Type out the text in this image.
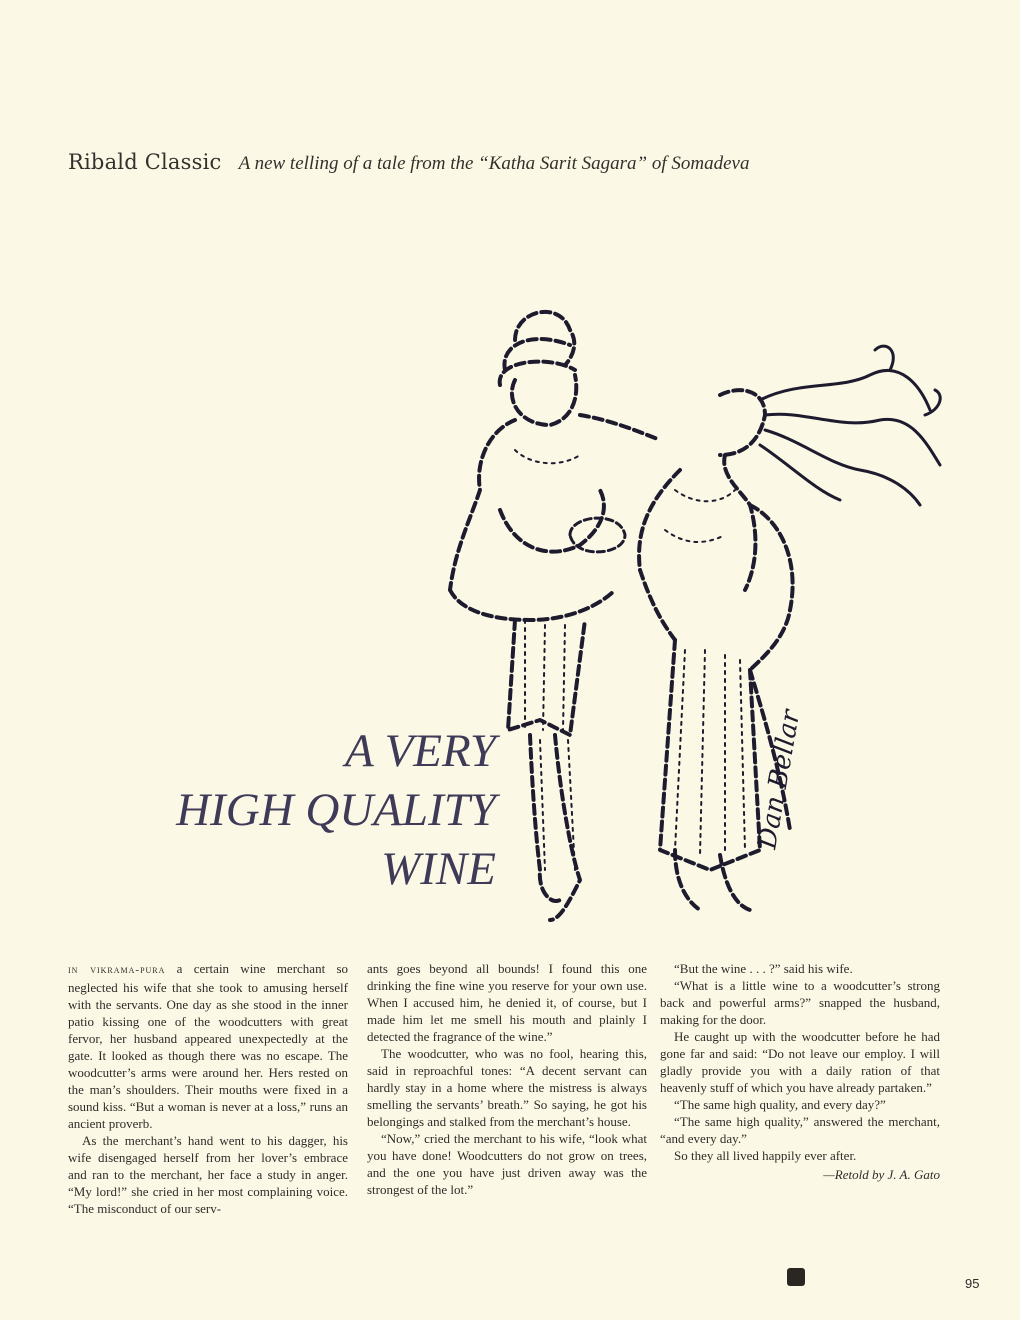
Ribald Classic A new telling of a tale from the “Katha Sarit Sagara” of Somadeva
Dan Bellar
A VERY
HIGH QUALITY
WINE

in vikrama-pura a certain wine merchant so neglected his wife that she took to amusing herself with the servants. One day as she stood in the inner patio kissing one of the woodcutters with great fervor, her husband appeared unexpectedly at the gate. It looked as though there was no escape. The woodcutter’s arms were around her. Hers rested on the man’s shoulders. Their mouths were fixed in a sound kiss. “But a woman is never at a loss,” runs an ancient proverb.

As the merchant’s hand went to his dagger, his wife disengaged herself from her lover’s embrace and ran to the merchant, her face a study in anger. “My lord!” she cried in her most complaining voice. “The misconduct of our serv-

ants goes beyond all bounds! I found this one drinking the fine wine you reserve for your own use. When I accused him, he denied it, of course, but I made him let me smell his mouth and plainly I detected the fragrance of the wine.”

The woodcutter, who was no fool, hearing this, said in reproachful tones: “A decent servant can hardly stay in a home where the mistress is always smelling the servants’ breath.” So saying, he got his belongings and stalked from the merchant’s house.

“Now,” cried the merchant to his wife, “look what you have done! Woodcutters do not grow on trees, and the one you have just driven away was the strongest of the lot.”

“But the wine . . . ?” said his wife.

“What is a little wine to a woodcutter’s strong back and powerful arms?” snapped the husband, making for the door.

He caught up with the woodcutter before he had gone far and said: “Do not leave our employ. I will gladly provide you with a daily ration of that heavenly stuff of which you have already partaken.”

“The same high quality, and every day?”

“The same high quality,” answered the merchant, “and every day.”

So they all lived happily ever after.

—Retold by J. A. Gato
95
